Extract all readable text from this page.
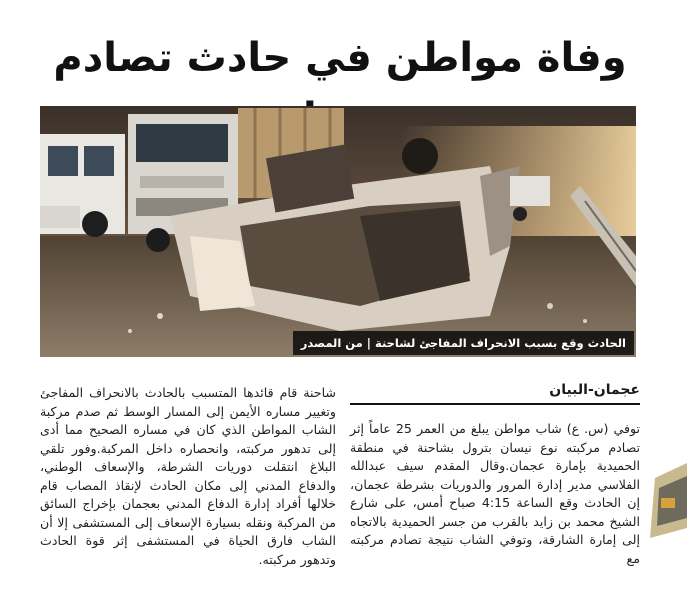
وفاة مواطن في حادث تصادم
الحادث وقع بسبب الانحراف المفاجئ لشاحنة | من المصدر
عجمان-البيان
شاحنة قام قائدها المتسبب بالحادث بالانحراف المفاجئ وتغيير مساره الأيمن إلى المسار الوسط ثم صدم مركبة الشاب المواطن الذي كان في مساره الصحيح مما أدى إلى تدهور مركبته، وانحصاره داخل المركبة.وفور تلقي البلاغ انتقلت دوريات الشرطة، والإسعاف الوطني، والدفاع المدني إلى مكان الحادث لإنقاذ المصاب قام خلالها أفراد إدارة الدفاع المدني بعجمان بإخراج السائق من المركبة ونقله بسيارة الإسعاف إلى المستشفى إلا أن الشاب فارق الحياة في المستشفى إثر قوة الحادث وتدهور مركبته.
توفي (س. ع) شاب مواطن يبلغ من العمر 25 عاماً إثر تصادم مركبته نوع نيسان بترول بشاحنة في منطقة الحميدية بإمارة عجمان.وقال المقدم سيف عبدالله الفلاسي مدير إدارة المرور والدوريات بشرطة عجمان، إن الحادث وقع الساعة 4:15 صباح أمس، على شارع الشيخ محمد بن زايد بالقرب من جسر الحميدية بالاتجاه إلى إمارة الشارقة، وتوفي الشاب نتيجة تصادم مركبته مع
